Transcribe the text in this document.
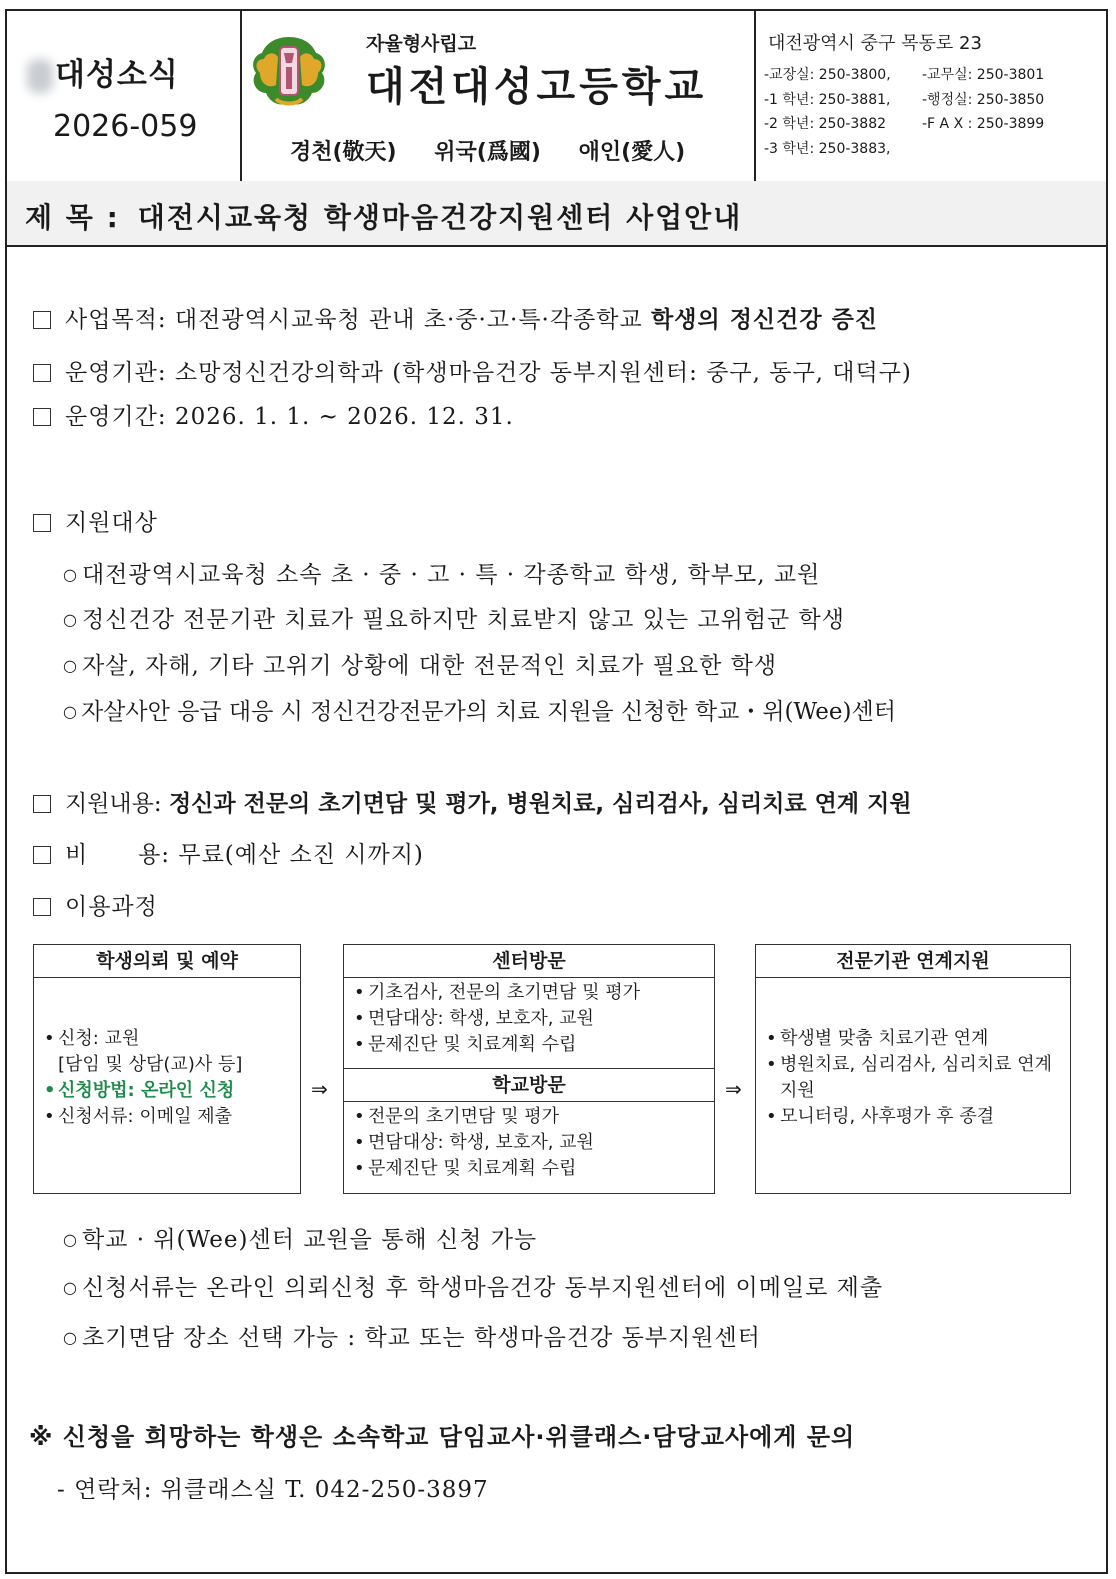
대성소식
2026-059
자율형사립고
대전대성고등학교
경천(敬天) 위국(爲國) 애인(愛人)
대전광역시 중구 목동로 23
-교장실: 250-3800, -교무실: 250-3801
-1 학년: 250-3881, -행정실: 250-3850
-2 학년: 250-3882	-F A X : 250-3899
-3 학년: 250-3883,
제 목 : 대전시교육청 학생마음건강지원센터 사업안내
사업목적: 대전광역시교육청 관내 초·중·고·특·각종학교 학생의 정신건강 증진
운영기관: 소망정신건강의학과 (학생마음건강 동부지원센터: 중구, 동구, 대덕구)
운영기간: 2026. 1. 1. ~ 2026. 12. 31.
지원대상
○ 대전광역시교육청 소속 초 · 중 · 고 · 특 · 각종학교 학생, 학부모, 교원
○ 정신건강 전문기관 치료가 필요하지만 치료받지 않고 있는 고위험군 학생
○ 자살, 자해, 기타 고위기 상황에 대한 전문적인 치료가 필요한 학생
○ 자살사안 응급 대응 시 정신건강전문가의 치료 지원을 신청한 학교・위(Wee)센터
지원내용: 정신과 전문의 초기면담 및 평가, 병원치료, 심리검사, 심리치료 연계 지원
비      용: 무료(예산 소진 시까지)
이용과정
학생의뢰 및 예약
• 신청: 교원
[담임 및 상담(교)사 등]
• 신청방법: 온라인 신청
• 신청서류: 이메일 제출
⇒
센터방문
• 기초검사, 전문의 초기면담 및 평가
• 면담대상: 학생, 보호자, 교원
• 문제진단 및 치료계획 수립
학교방문
• 전문의 초기면담 및 평가
• 면담대상: 학생, 보호자, 교원
• 문제진단 및 치료계획 수립
⇒
전문기관 연계지원
• 학생별 맞춤 치료기관 연계
• 병원치료, 심리검사, 심리치료 연계 지원
• 모니터링, 사후평가 후 종결
○ 학교 · 위(Wee)센터 교원을 통해 신청 가능
○ 신청서류는 온라인 의뢰신청 후 학생마음건강 동부지원센터에 이메일로 제출
○ 초기면담 장소 선택 가능 : 학교 또는 학생마음건강 동부지원센터
※ 신청을 희망하는 학생은 소속학교 담임교사·위클래스·담당교사에게 문의
- 연락처: 위클래스실 T. 042-250-3897
